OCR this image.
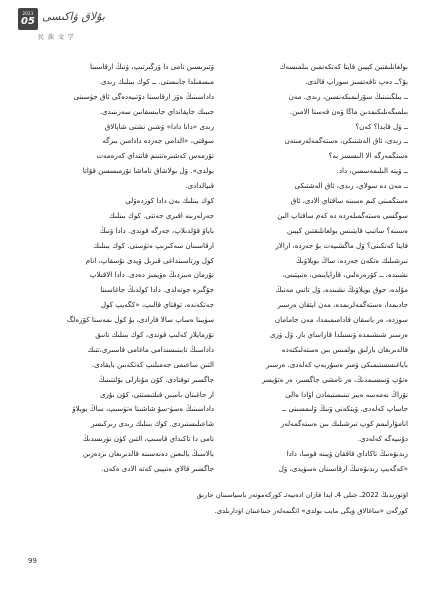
2023
05 بۇلاق ۋاكىسى
民 族 文 学

بولغانلىقتىن كېيىن قايتا كەتكەنمىن بىلمىسەك

بۇ؟ــ دەپ تاقەتسىز سوراپ قالدى.

ــ بىلگىنىنىڭ سۆزلىمىكەنسىن، رىدى. مەن

بىلمىگەنلىكىمدىن ماڭا ۋەن قەستا الامىن.

ــ ۋل قايدا؟ كەن؟

ــ رىدى، ئاق الەشتىكى، ەستەگمەلەرمىنەن

ەستگمەرگە الا الىسسز بە؟

ــ ۋيتە الىلىمەسسن، داد.

ــ مەن دە سولاي، رىدى، ئاق الەشتىكى

ەستگمىنى كىم ەسىنە ساقتاي الادى، ئاق

سوگسى ەستەگمىلەردە دە كەم ساقتاپ الىن

ەسىنە؟ ساتىپ قايتىنس بولغانلىقتىن كېيىن

قايتا كەتكىنى؟ ۋل ماگشىيەت بۇ جەردە، ارالار

تىرشىلىك ەتكەن جەردە، ساڭ بويلاۋىڭ

نشىندە، ــ كۆرەرەلىي، قاراپايىمى، ەتىپتىنى،

مۇلدە، جوق بويلاۋىڭ نشىندە، ۋل تاتىي مەنىڭ

جادىمدا، ەستەگمەلرىمدە، مەن ايتقان ەرسىر

سوزدە، ەر باسقان قادامىمىمدا، مەن جامامان

ەرسىر شىشىمدە ۋنسىلدا قاراساي بار. ۋل ۋزى

قالدىرىغان بارلىق بولمىس بىن ەستەلىكتەدە

باياغىسستىمىكى ۋمىر ەسۇربەپ كەلەدى. ەرسىر

ەتۇپ ۋسسىمدىڭ، ەر تامشى جاگسىر، ەر ەتۇيسر

تۆزاڭ نەمەسە ەبىز تىنىستىمادن اۋادا ەالى

جاساپ كەلەدى. ۋيتكەنى ۋنىڭ ۋلىمسىنى ــ

انامۋارلىمم كوپ تىرشىلىك بىن ەستەگمەلەر

دۇنىيەگە كەلەدى.

رىدىۋەنىڭ تاكاداي قاققان ۋيىنە قوسا، دادا

«كەگەيپ رىدىۋەنىڭ ارقاسىنان ەسۈيدى، ۋل

ۋتىرىسىن تامى دا ۋرگىرتىپ، ۋنىڭ ارقاسىنا

مىسقىلدا جابىستى. ــ كوك بىنلىك رىدى

داداسىنىڭ ەۋز ارقاسىنا دۆتىيەدەگى ئاق جۈسىنى

جىبىك جاپقانداي جابىسقانىن سەزىنىدى.

رىدى «دانا دادا» ۋشىن نشتى شاپالاق

سوقتى، «الدامى جەرده دادامىن بىرگە

تۆرمەس كەشىرەتتىنم قاتتداي كەرەمەت

بولدى». ۋل بولاشاق تاماشا تۆرمىسسن قۆاتا

قىيالدادى.

كوك بىنلىك بەن دادا كوزدەۋلى

جەرلەرىنە اقىرى جەتتى. كوك بىنلىك

باياۋ قۆلدىلاپ، جەرگە قوندى. دادا ۋنىڭ

ارقاسىنان سەكىرىپ ەتۈستى. كوك بىنلىك

كول ورتاسىنداغى قىزىل ۋيدى نۇسقاپ، انام

تۆرمان ەبىزدىڭ ەۋيمىز دەدى. دادا الاقىلاپ

جۆگىرە جونەلدى. دادا كولدىڭ جاغاسىنا

جەتكەندە، توقتاي قالىپ، «كگەيپ كول

سۈيىنا ەساپ سالا قارادى، بۇ كول ىمەسنا كۆزەلگ

تۆرمايلار كەلىپ قوندى، كوك بىنلىك تانىق

داداسىڭ تابىنىسندامى ماغامى قاسىرى،تتىك

التىن ساعىمى جەمىلىپ كەتكەنىن بايقادى.

جاگسىر توقتادى. كۆن مۇنارلى بۆلتتىنىڭ

ار جاغىنان باسىن قىلتىستتى، كۆن نۇرى

داداسىنىڭ ەسۈ-سۆ شاشىنا ەتۈسىپ، ساڭ بويلاۋ

شاعىلىستىردى. كوك بىنلىك رىدى رىركىسر

تامى دا تاكىداي قاسىپ، التىن كۈن نۈرىسدىڭ

بالاسىڭ بالىعىن دەنەسىنە قالدىرىغان ىزدەرىن

جاگسىر قالاي ەتىپبى كەتە الادى ەكەن.

اۋتورىدىڭ 2022ـ جىلى 4ـ ايدا قازان ادەبيەتـ كوركەمونەر باسپاسىنان جارىق

كورگەن «ساغالاق ۋيگى مايب بولدى» اتگىمەلەر جىناعىنان اۋدارىلدى.

99
